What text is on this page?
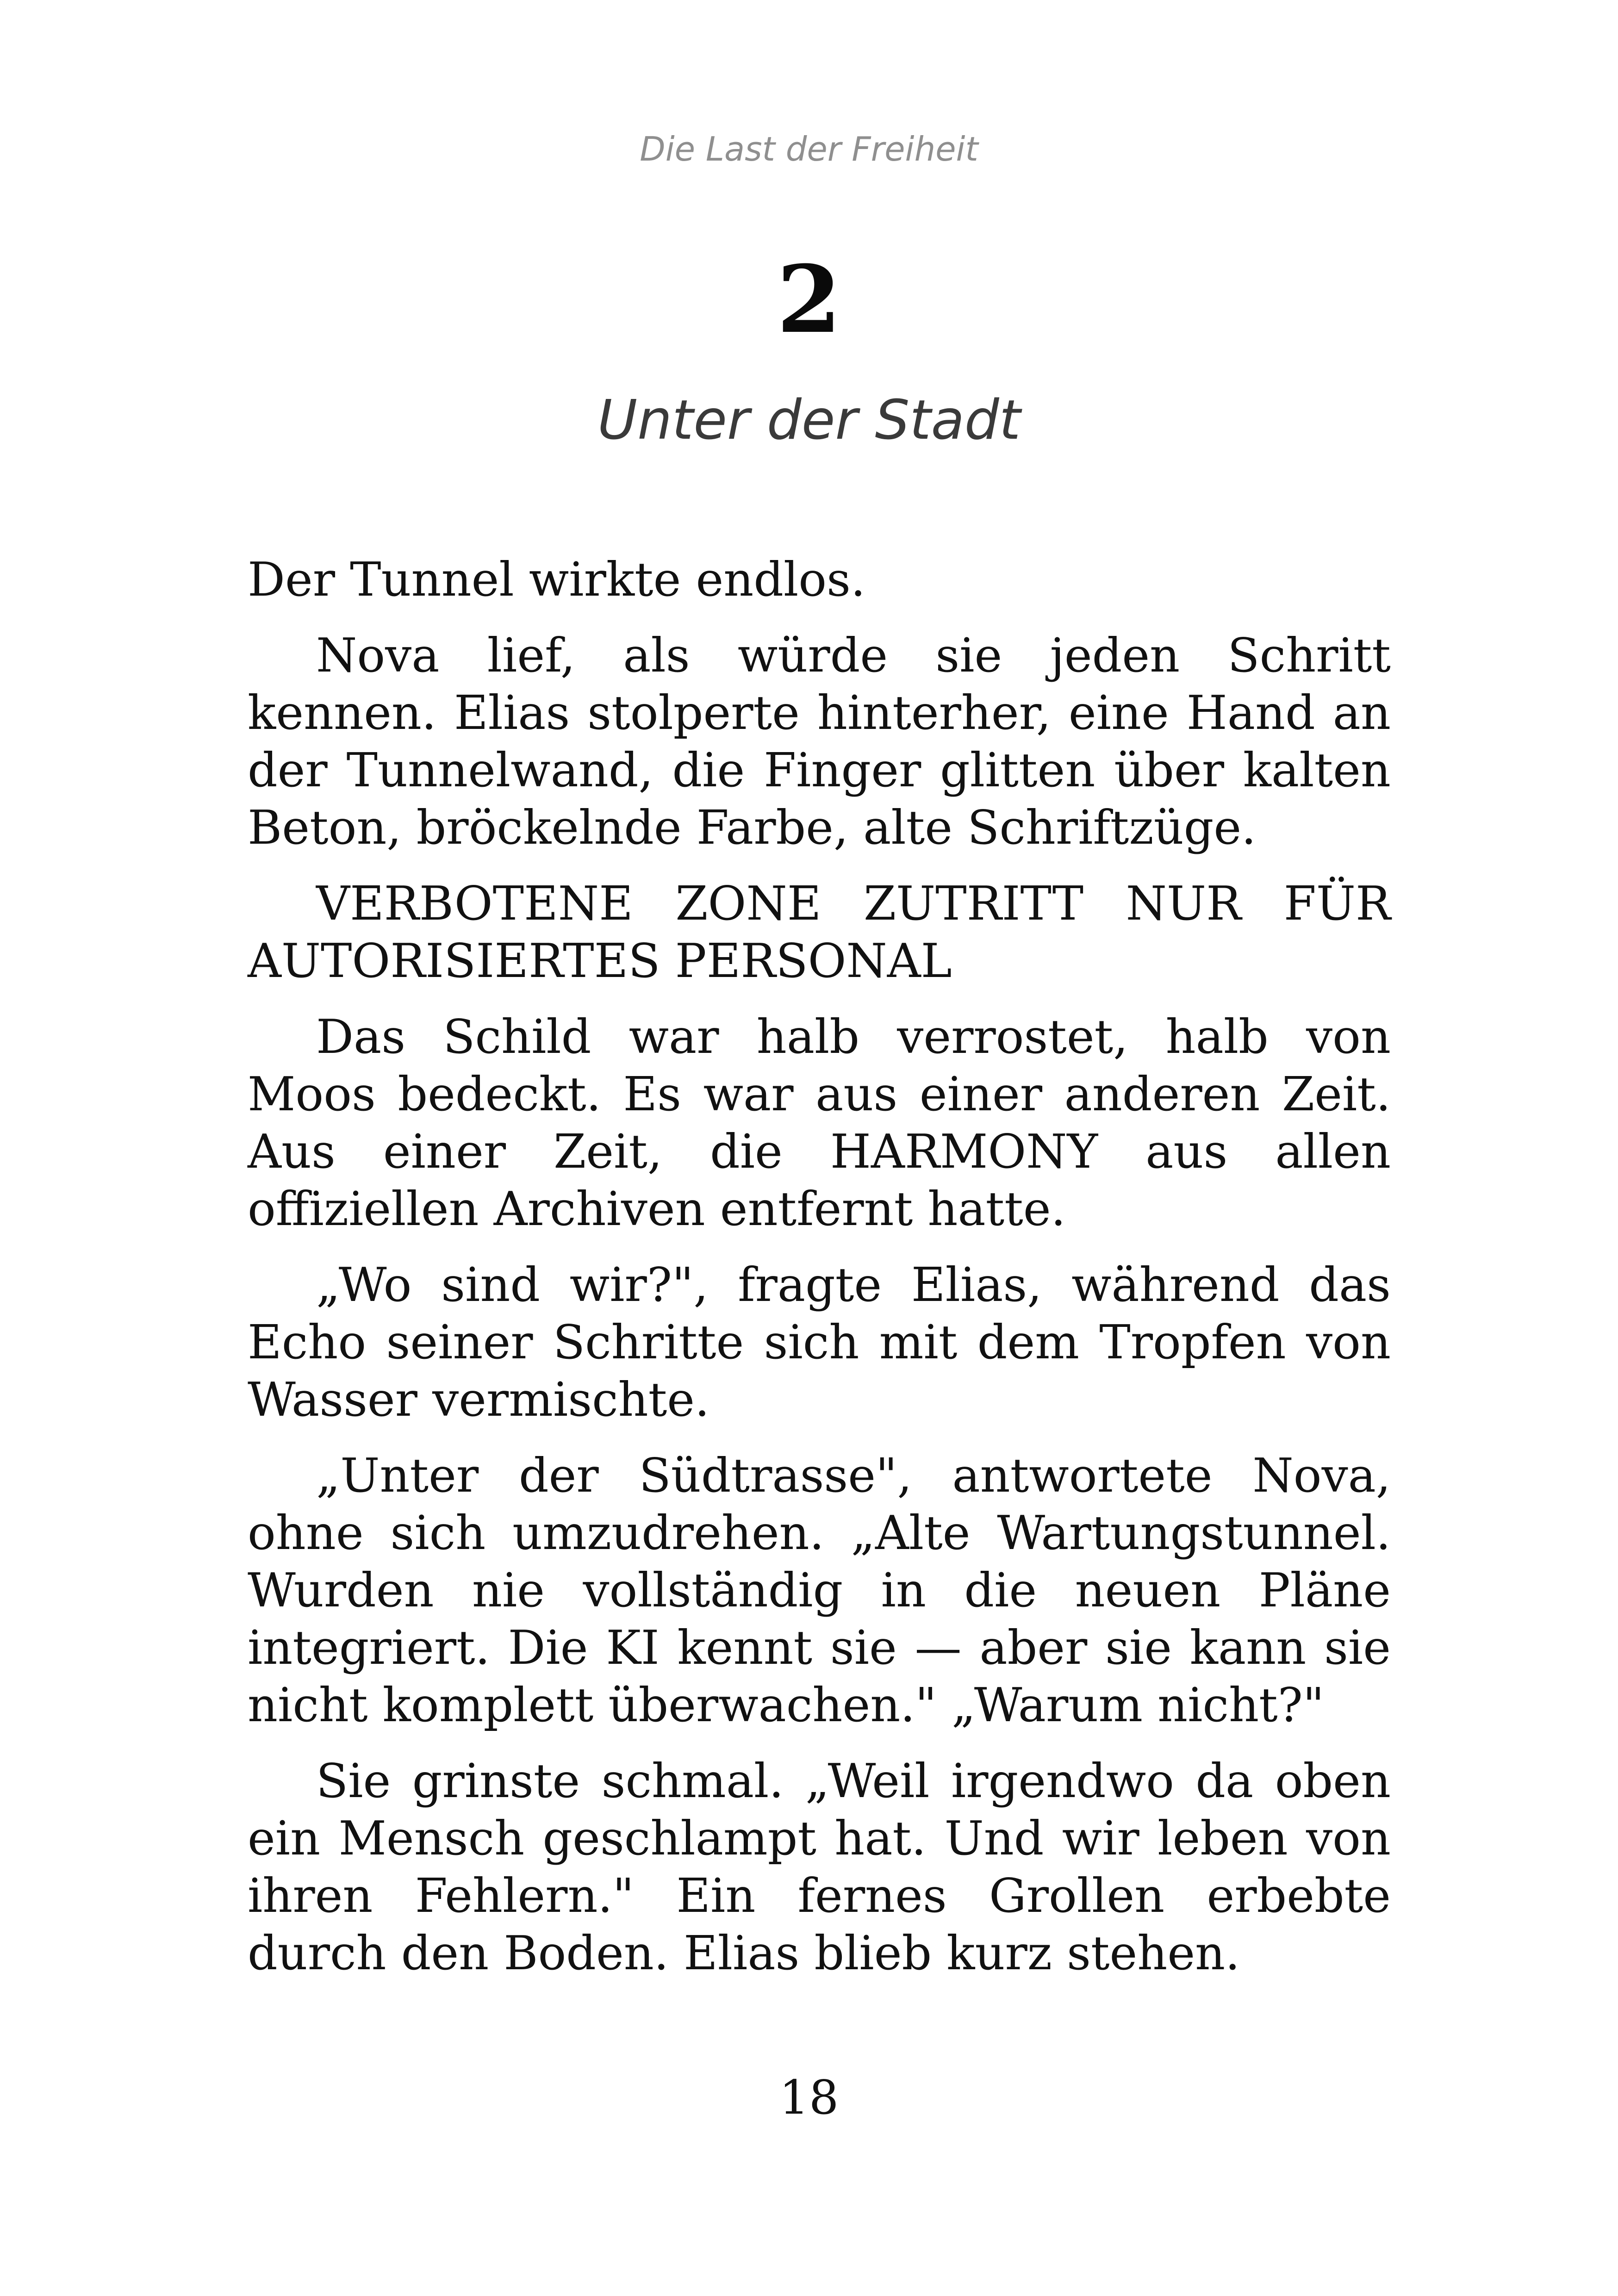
Die Last der Freiheit
2
Unter der Stadt

Der Tunnel wirkte endlos.

Nova lief, als würde sie jeden Schritt kennen. Elias stolperte hinterher, eine Hand an der Tunnelwand, die Finger glitten über kalten Beton, bröckelnde Farbe, alte Schriftzüge.

VERBOTENE ZONE ZUTRITT NUR FÜR AUTORISIERTES PERSONAL

Das Schild war halb verrostet, halb von Moos bedeckt. Es war aus einer anderen Zeit. Aus einer Zeit, die HARMONY aus allen offiziellen Archiven entfernt hatte.

„Wo sind wir?", fragte Elias, während das Echo seiner Schritte sich mit dem Tropfen von Wasser vermischte.

„Unter der Südtrasse", antwortete Nova, ohne sich umzudrehen. „Alte Wartungstunnel. Wurden nie vollständig in die neuen Pläne integriert. Die KI kennt sie — aber sie kann sie nicht komplett überwachen." „Warum nicht?"

Sie grinste schmal. „Weil irgendwo da oben ein Mensch geschlampt hat. Und wir leben von ihren Fehlern." Ein fernes Grollen erbebte durch den Boden. Elias blieb kurz stehen.

18
